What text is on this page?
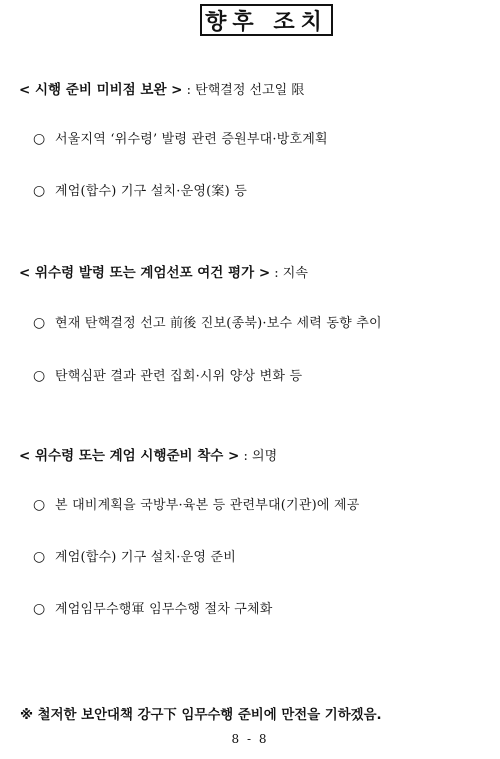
향후 조치
< 시행 준비 미비점 보완 > : 탄핵결정 선고일 限
○ 서울지역 ‘위수령’ 발령 관련 증원부대·방호계획
○ 계엄(합수) 기구 설치·운영(案) 등
< 위수령 발령 또는 계엄선포 여건 평가 > : 지속
○ 현재 탄핵결정 선고 前後 진보(종북)·보수 세력 동향 추이
○ 탄핵심판 결과 관련 집회·시위 양상 변화 등
< 위수령 또는 계엄 시행준비 착수 > : 의명
○ 본 대비계획을 국방부·육본 등 관련부대(기관)에 제공
○ 계엄(합수) 기구 설치·운영 준비
○ 계엄임무수행軍 임무수행 절차 구체화
※ 철저한 보안대책 강구下 임무수행 준비에 만전을 기하겠음.
8 - 8
